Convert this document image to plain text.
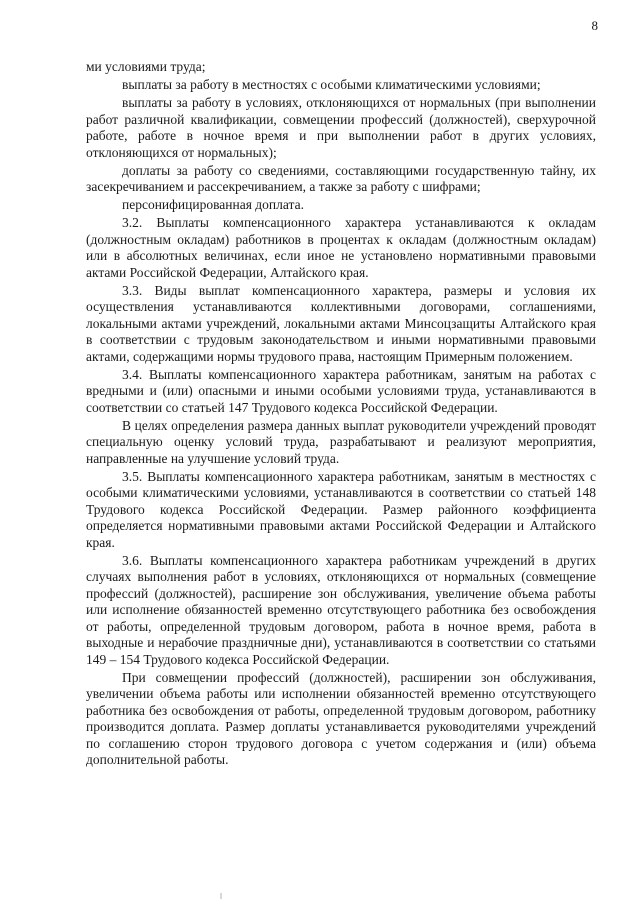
8

ми условиями труда;

выплаты за работу в местностях с особыми климатическими условиями;

выплаты за работу в условиях, отклоняющихся от нормальных (при выполнении работ различной квалификации, совмещении профессий (должностей), сверхурочной работе, работе в ночное время и при выполнении работ в других условиях, отклоняющихся от нормальных);

доплаты за работу со сведениями, составляющими государственную тайну, их засекречиванием и рассекречиванием, а также за работу с шифрами;

персонифицированная доплата.

3.2. Выплаты компенсационного характера устанавливаются к окладам (должностным окладам) работников в процентах к окладам (должностным окладам) или в абсолютных величинах, если иное не установлено нормативными правовыми актами Российской Федерации, Алтайского края.

3.3. Виды выплат компенсационного характера, размеры и условия их осуществления устанавливаются коллективными договорами, соглашениями, локальными актами учреждений, локальными актами Минсоцзащиты Алтайского края в соответствии с трудовым законодательством и иными нормативными правовыми актами, содержащими нормы трудового права, настоящим Примерным положением.

3.4. Выплаты компенсационного характера работникам, занятым на работах с вредными и (или) опасными и иными особыми условиями труда, устанавливаются в соответствии со статьей 147 Трудового кодекса Российской Федерации.

В целях определения размера данных выплат руководители учреждений проводят специальную оценку условий труда, разрабатывают и реализуют мероприятия, направленные на улучшение условий труда.

3.5. Выплаты компенсационного характера работникам, занятым в местностях с особыми климатическими условиями, устанавливаются в соответствии со статьей 148 Трудового кодекса Российской Федерации. Размер районного коэффициента определяется нормативными правовыми актами Российской Федерации и Алтайского края.

3.6. Выплаты компенсационного характера работникам учреждений в других случаях выполнения работ в условиях, отклоняющихся от нормальных (совмещение профессий (должностей), расширение зон обслуживания, увеличение объема работы или исполнение обязанностей временно отсутствующего работника без освобождения от работы, определенной трудовым договором, работа в ночное время, работа в выходные и нерабочие праздничные дни), устанавливаются в соответствии со статьями 149 – 154 Трудового кодекса Российской Федерации.

При совмещении профессий (должностей), расширении зон обслуживания, увеличении объема работы или исполнении обязанностей временно отсутствующего работника без освобождения от работы, определенной трудовым договором, работнику производится доплата. Размер доплаты устанавливается руководителями учреждений по соглашению сторон трудового договора с учетом содержания и (или) объема дополнительной работы.
